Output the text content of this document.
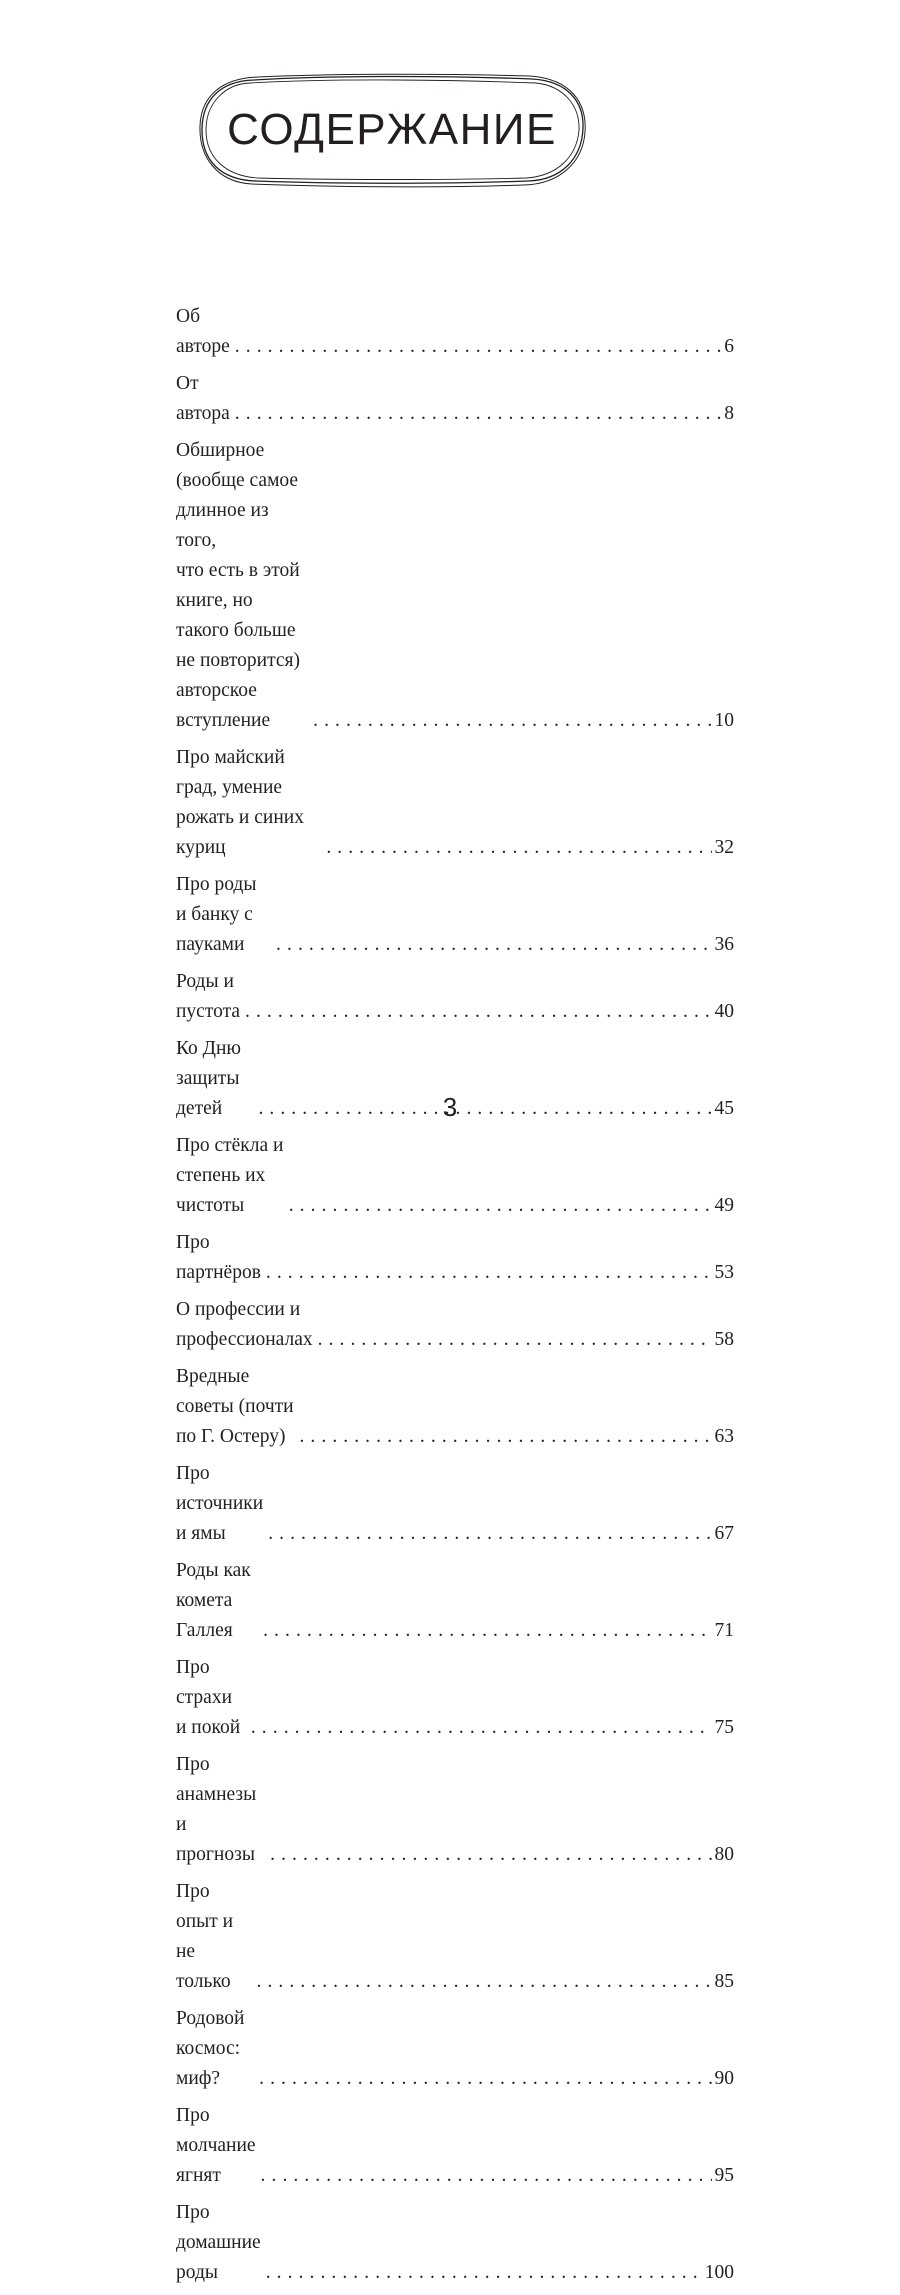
СОДЕРЖАНИЕ
Об авторе . . .	6
От автора . . .	8
Обширное (вообще самое длинное из того,
что есть в этой книге, но такого больше
не повторится) авторское вступление . . .	10
Про майский град, умение рожать и синих куриц . . .	32
Про роды и банку с пауками . . .	36
Роды и пустота . . .	40
Ко Дню защиты детей . . .	45
Про стёкла и степень их чистоты . . .	49
Про партнёров . . .	53
О профессии и профессионалах . . .	58
Вредные советы (почти по Г. Остеру) . . .	63
Про источники и ямы . . .	67
Роды как комета Галлея . . .	71
Про страхи и покой . . .	75
Про анамнезы и прогнозы . . .	80
Про опыт и не только . . .	85
Родовой космос: миф? . . .	90
Про молчание ягнят . . .	95
Про домашние роды . . .	100
3
